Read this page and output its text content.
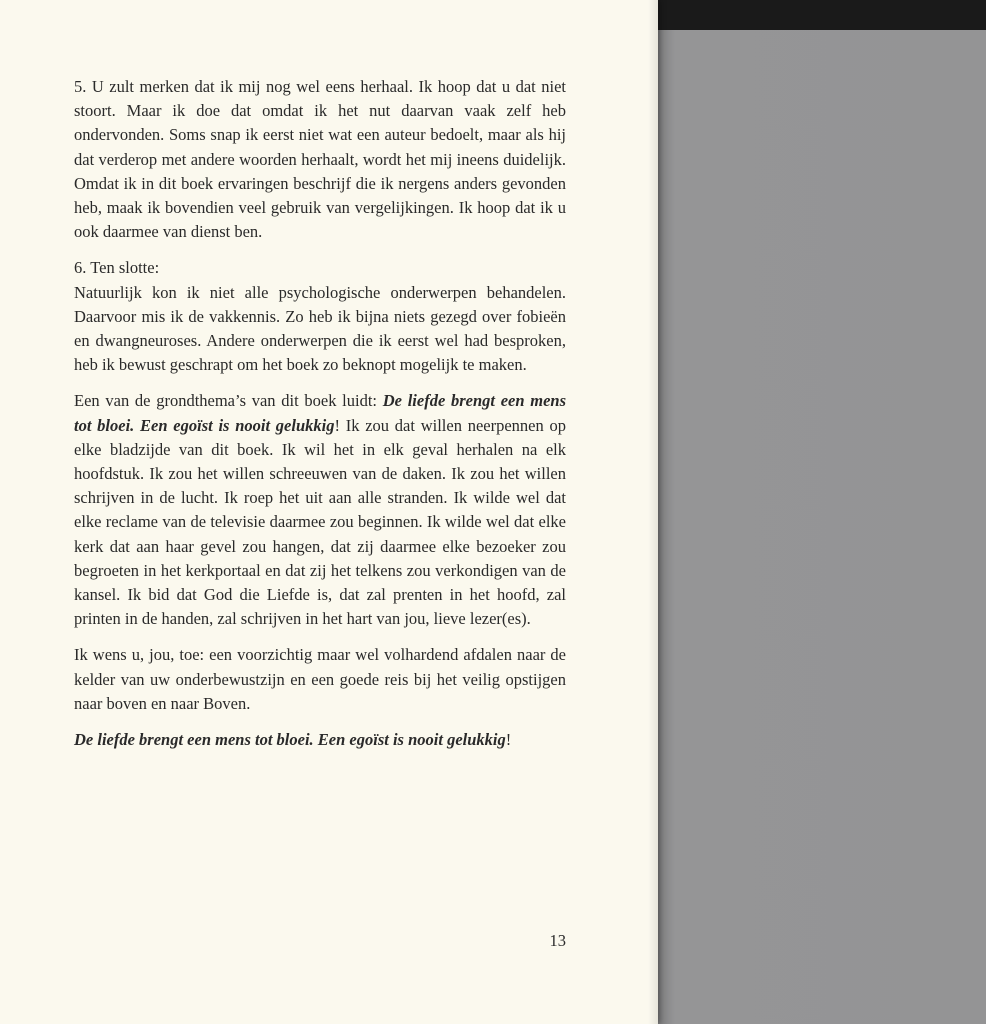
5. U zult merken dat ik mij nog wel eens herhaal. Ik hoop dat u dat niet stoort. Maar ik doe dat omdat ik het nut daarvan vaak zelf heb ondervonden. Soms snap ik eerst niet wat een auteur bedoelt, maar als hij dat verderop met andere woorden herhaalt, wordt het mij ineens duidelijk. Omdat ik in dit boek ervaringen beschrijf die ik nergens anders gevonden heb, maak ik bovendien veel gebruik van vergelijkingen. Ik hoop dat ik u ook daarmee van dienst ben.

6. Ten slotte:
Natuurlijk kon ik niet alle psychologische onderwerpen behandelen. Daarvoor mis ik de vakkennis. Zo heb ik bijna niets gezegd over fobieën en dwangneuroses. Andere onderwerpen die ik eerst wel had besproken, heb ik bewust geschrapt om het boek zo beknopt mogelijk te maken.

Een van de grondthema’s van dit boek luidt: De liefde brengt een mens tot bloei. Een egoïst is nooit gelukkig! Ik zou dat willen neerpennen op elke bladzijde van dit boek. Ik wil het in elk geval herhalen na elk hoofdstuk. Ik zou het willen schreeuwen van de daken. Ik zou het willen schrijven in de lucht. Ik roep het uit aan alle stranden. Ik wilde wel dat elke reclame van de televisie daarmee zou beginnen. Ik wilde wel dat elke kerk dat aan haar gevel zou hangen, dat zij daarmee elke bezoeker zou begroeten in het kerkportaal en dat zij het telkens zou verkondigen van de kansel. Ik bid dat God die Liefde is, dat zal prenten in het hoofd, zal printen in de handen, zal schrijven in het hart van jou, lieve lezer(es).

Ik wens u, jou, toe: een voorzichtig maar wel volhardend afdalen naar de kelder van uw onderbewustzijn en een goede reis bij het veilig opstijgen naar boven en naar Boven.

De liefde brengt een mens tot bloei. Een egoïst is nooit gelukkig!

13
